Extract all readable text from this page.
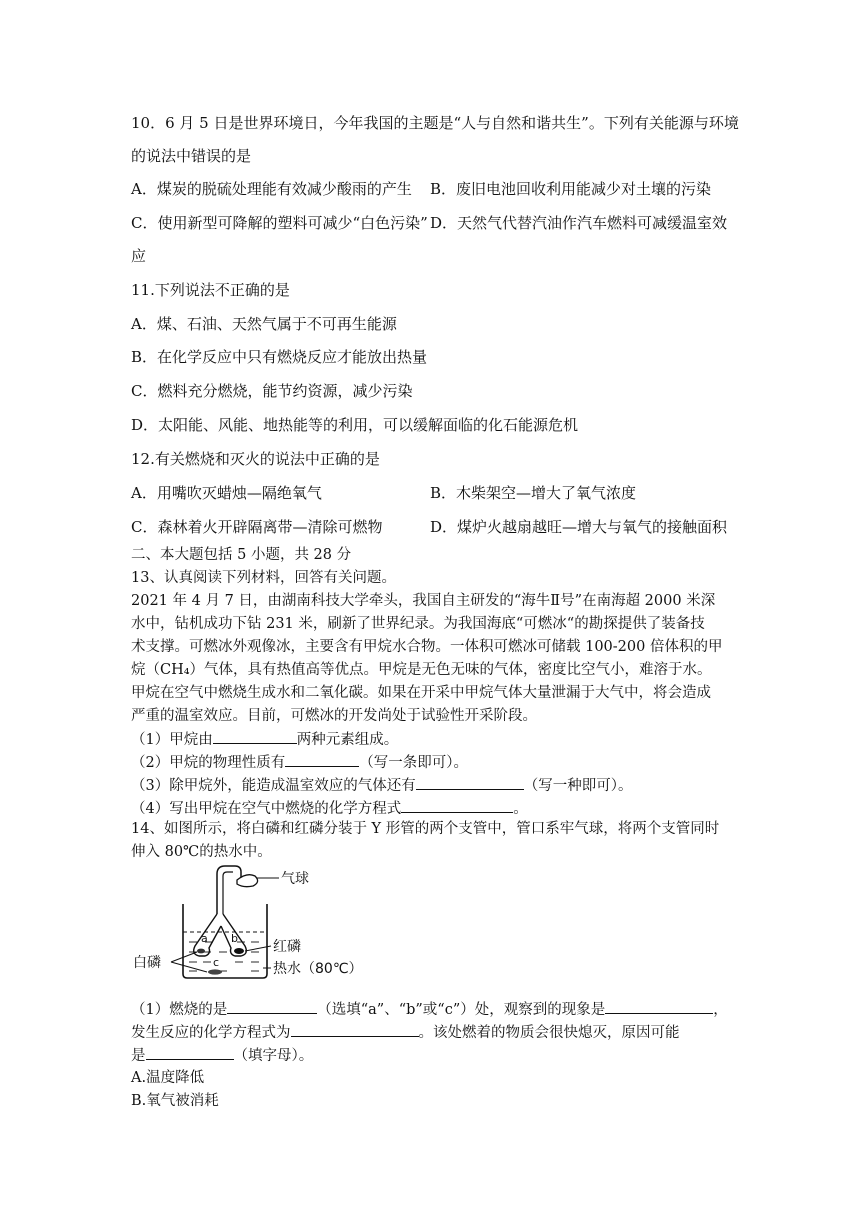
10．6 月 5 日是世界环境日，今年我国的主题是“人与自然和谐共生”。下列有关能源与环境
的说法中错误的是
A．煤炭的脱硫处理能有效减少酸雨的产生 B．废旧电池回收利用能减少对土壤的污染
C．使用新型可降解的塑料可减少“白色污染” D．天然气代替汽油作汽车燃料可减缓温室效
应
11.下列说法不正确的是
A．煤、石油、天然气属于不可再生能源
B．在化学反应中只有燃烧反应才能放出热量
C．燃料充分燃烧，能节约资源，减少污染
D．太阳能、风能、地热能等的利用，可以缓解面临的化石能源危机
12.有关燃烧和灭火的说法中正确的是
A．用嘴吹灭蜡烛—隔绝氧气	B．木柴架空—增大了氧气浓度
C．森林着火开辟隔离带—清除可燃物	D．煤炉火越扇越旺—增大与氧气的接触面积
二、本大题包括 5 小题，共 28 分
13、认真阅读下列材料，回答有关问题。
2021 年 4 月 7 日，由湖南科技大学牵头，我国自主研发的“海牛Ⅱ号”在南海超 2000 米深
水中，钻机成功下钻 231 米，刷新了世界纪录。为我国海底“可燃冰“的勘探提供了装备技
术支撑。可燃冰外观像冰，主要含有甲烷水合物。一体积可燃冰可储载 100-200 倍体积的甲
烷（CH₄）气体，具有热值高等优点。甲烷是无色无味的气体，密度比空气小，难溶于水。
甲烷在空气中燃烧生成水和二氧化碳。如果在开采中甲烷气体大量泄漏于大气中，将会造成
严重的温室效应。目前，可燃冰的开发尚处于试验性开采阶段。
（1）甲烷由	两种元素组成。
（2）甲烷的物理性质有	（写一条即可）。
（3）除甲烷外，能造成温室效应的气体还有	（写一种即可）。
（4）写出甲烷在空气中燃烧的化学方程式	。
14、如图所示，将白磷和红磷分装于 Y 形管的两个支管中，管口系牢气球，将两个支管同时
伸入 80℃的热水中。
a b
c
气球
红磷
白磷	热水（80℃）
（1）燃烧的是	（选填“a”、“b”或“c”）处，观察到的现象是	，
发生反应的化学方程式为	。该处燃着的物质会很快熄灭，原因可能
是	（填字母）。
A.温度降低
B.氧气被消耗
